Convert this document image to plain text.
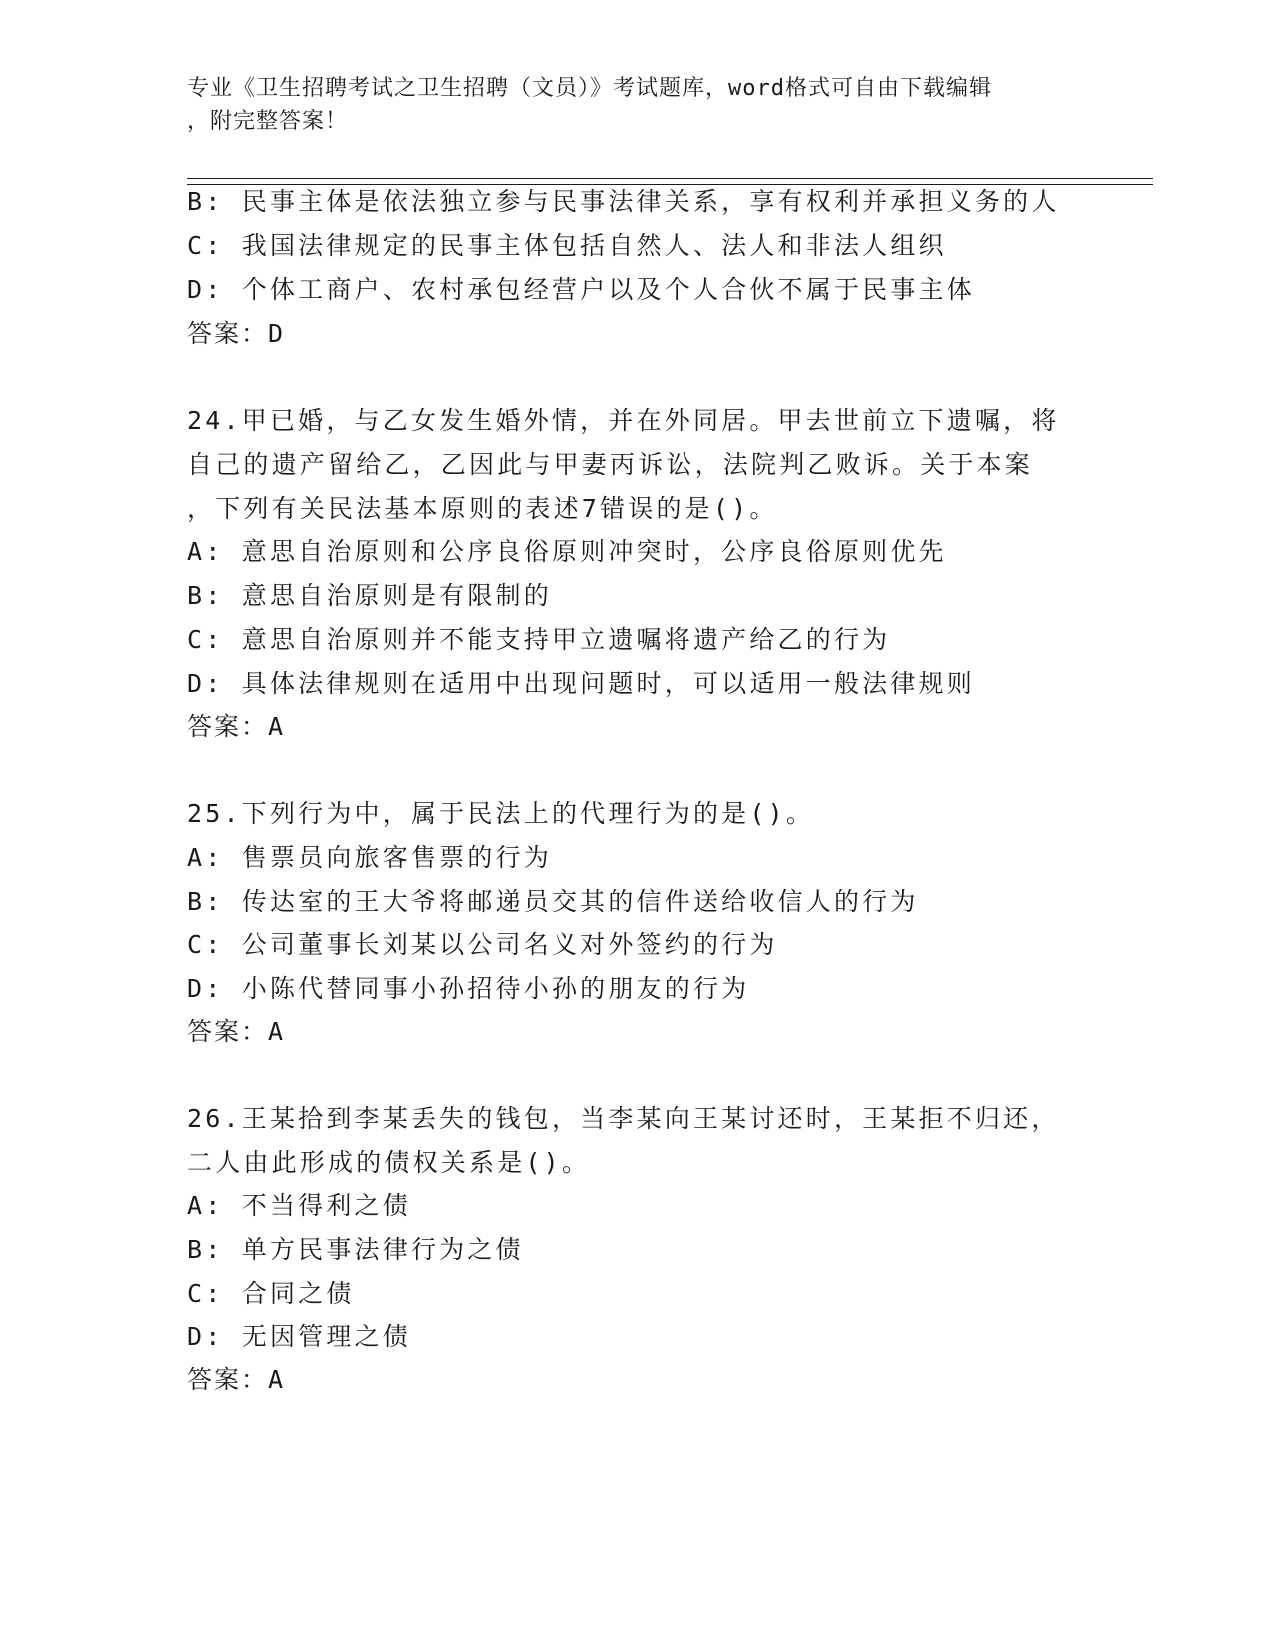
专业《卫生招聘考试之卫生招聘（文员）》考试题库，word格式可自由下载编辑
，附完整答案！
B: 民事主体是依法独立参与民事法律关系，享有权利并承担义务的人
C: 我国法律规定的民事主体包括自然人、法人和非法人组织
D: 个体工商户、农村承包经营户以及个人合伙不属于民事主体
答案：D
24.甲已婚，与乙女发生婚外情，并在外同居。甲去世前立下遗嘱，将
自己的遗产留给乙，乙因此与甲妻丙诉讼，法院判乙败诉。关于本案
，下列有关民法基本原则的表述7错误的是()。
A: 意思自治原则和公序良俗原则冲突时，公序良俗原则优先
B: 意思自治原则是有限制的
C: 意思自治原则并不能支持甲立遗嘱将遗产给乙的行为
D: 具体法律规则在适用中出现问题时，可以适用一般法律规则
答案：A
25.下列行为中，属于民法上的代理行为的是()。
A: 售票员向旅客售票的行为
B: 传达室的王大爷将邮递员交其的信件送给收信人的行为
C: 公司董事长刘某以公司名义对外签约的行为
D: 小陈代替同事小孙招待小孙的朋友的行为
答案：A
26.王某拾到李某丢失的钱包，当李某向王某讨还时，王某拒不归还，
二人由此形成的债权关系是()。
A: 不当得利之债
B: 单方民事法律行为之债
C: 合同之债
D: 无因管理之债
答案：A
